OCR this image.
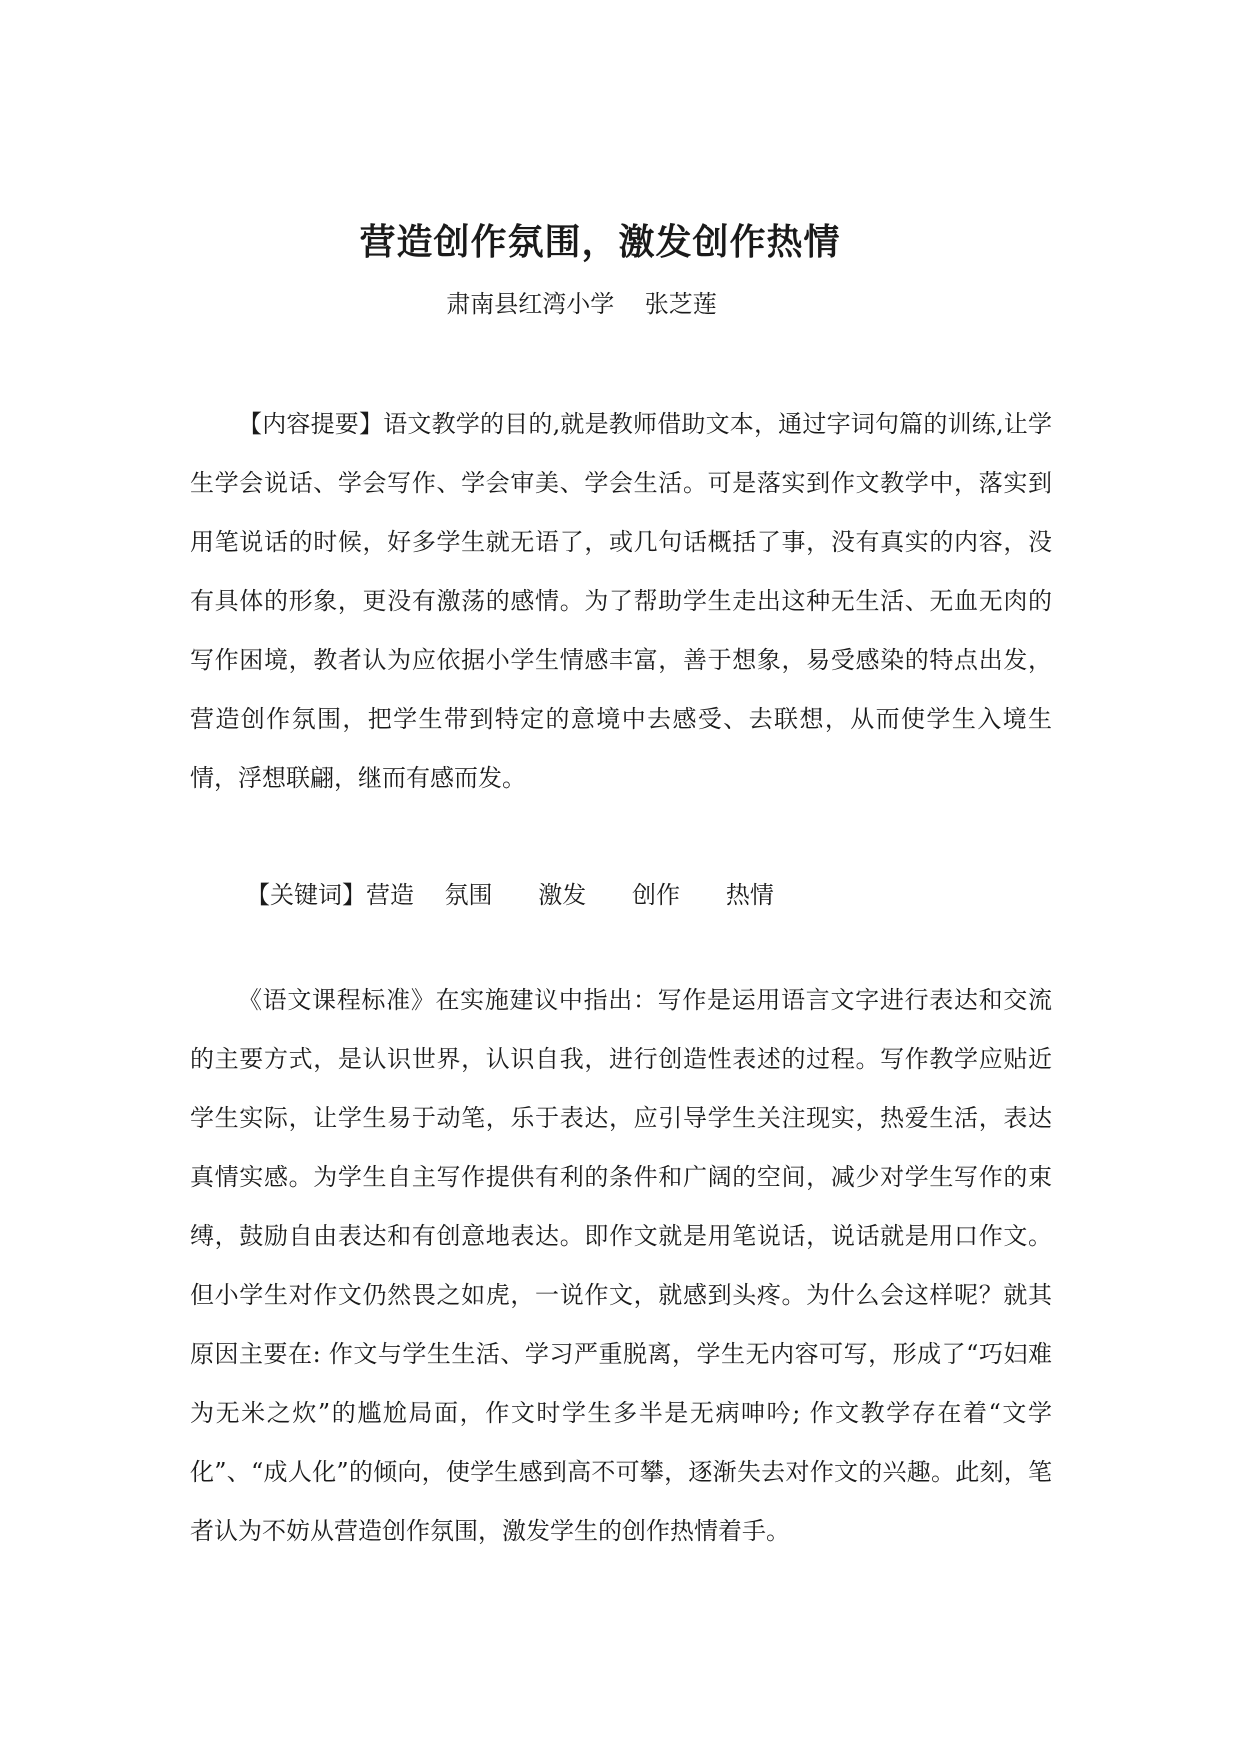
营造创作氛围，激发创作热情
肃南县红湾小学    张芝莲

【内容提要】语文教学的目的,就是教师借助文本，通过字词句篇的训练,让学生学会说话、学会写作、学会审美、学会生活。可是落实到作文教学中，落实到用笔说话的时候，好多学生就无语了，或几句话概括了事，没有真实的内容，没有具体的形象，更没有激荡的感情。为了帮助学生走出这种无生活、无血无肉的写作困境，教者认为应依据小学生情感丰富，善于想象，易受感染的特点出发，营造创作氛围，把学生带到特定的意境中去感受、去联想，从而使学生入境生情，浮想联翩，继而有感而发。

【关键词】营造    氛围      激发      创作      热情

《语文课程标准》在实施建议中指出：写作是运用语言文字进行表达和交流的主要方式，是认识世界，认识自我，进行创造性表述的过程。写作教学应贴近学生实际，让学生易于动笔，乐于表达，应引导学生关注现实，热爱生活，表达真情实感。为学生自主写作提供有利的条件和广阔的空间，减少对学生写作的束缚，鼓励自由表达和有创意地表达。即作文就是用笔说话，说话就是用口作文。但小学生对作文仍然畏之如虎，一说作文，就感到头疼。为什么会这样呢？就其原因主要在: 作文与学生生活、学习严重脱离，学生无内容可写，形成了“巧妇难为无米之炊”的尴尬局面，作文时学生多半是无病呻吟; 作文教学存在着“文学化”、“成人化”的倾向，使学生感到高不可攀，逐渐失去对作文的兴趣。此刻，笔者认为不妨从营造创作氛围，激发学生的创作热情着手。
